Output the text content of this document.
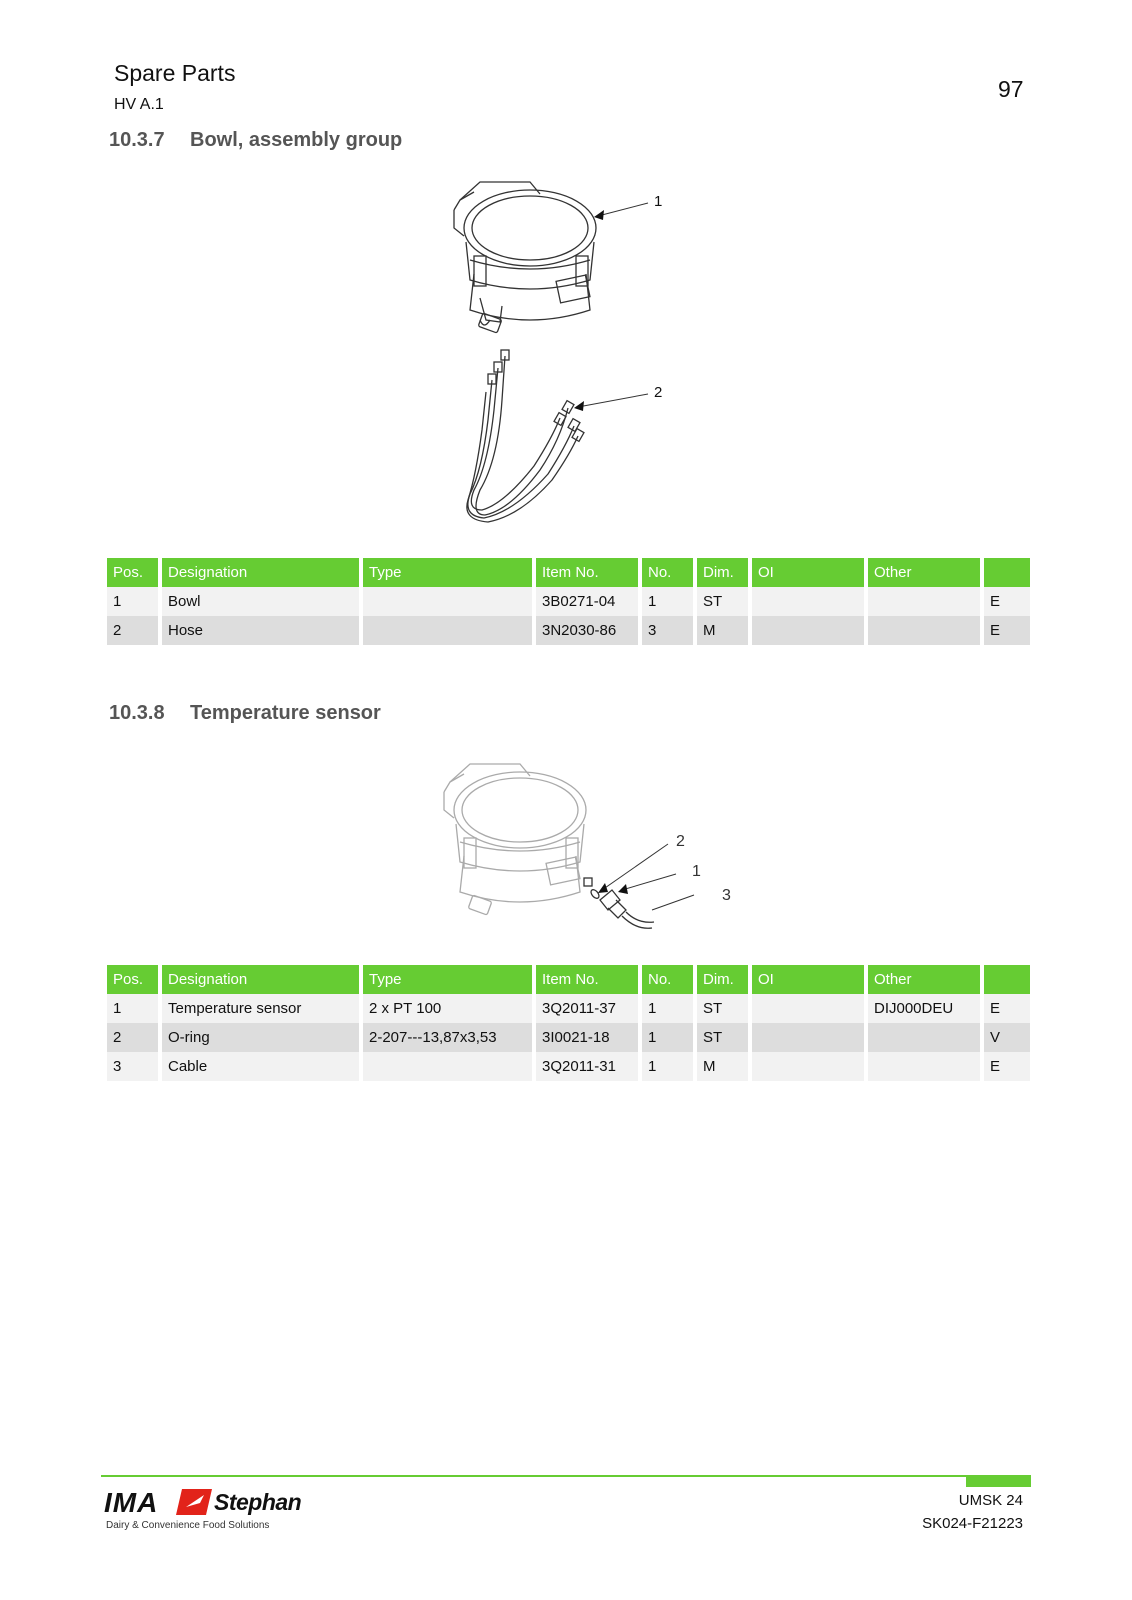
Spare Parts
HV A.1
97
10.3.7 Bowl, assembly group
1
2
Pos.	Designation	Type	Item No.	No.	Dim.	OI	Other	
1	Bowl		3B0271-04	1	ST			E
2	Hose		3N2030-86	3	M			E
10.3.8 Temperature sensor
2
1
3
Pos.	Designation	Type	Item No.	No.	Dim.	OI	Other	
1	Temperature sensor	2 x PT 100	3Q2011-37	1	ST		DIJ000DEU	E
2	O-ring	2-207---13,87x3,53	3I0021-18	1	ST			V
3	Cable		3Q2011-31	1	M			E
IMA Stephan
Dairy & Convenience Food Solutions
UMSK 24
SK024-F21223
